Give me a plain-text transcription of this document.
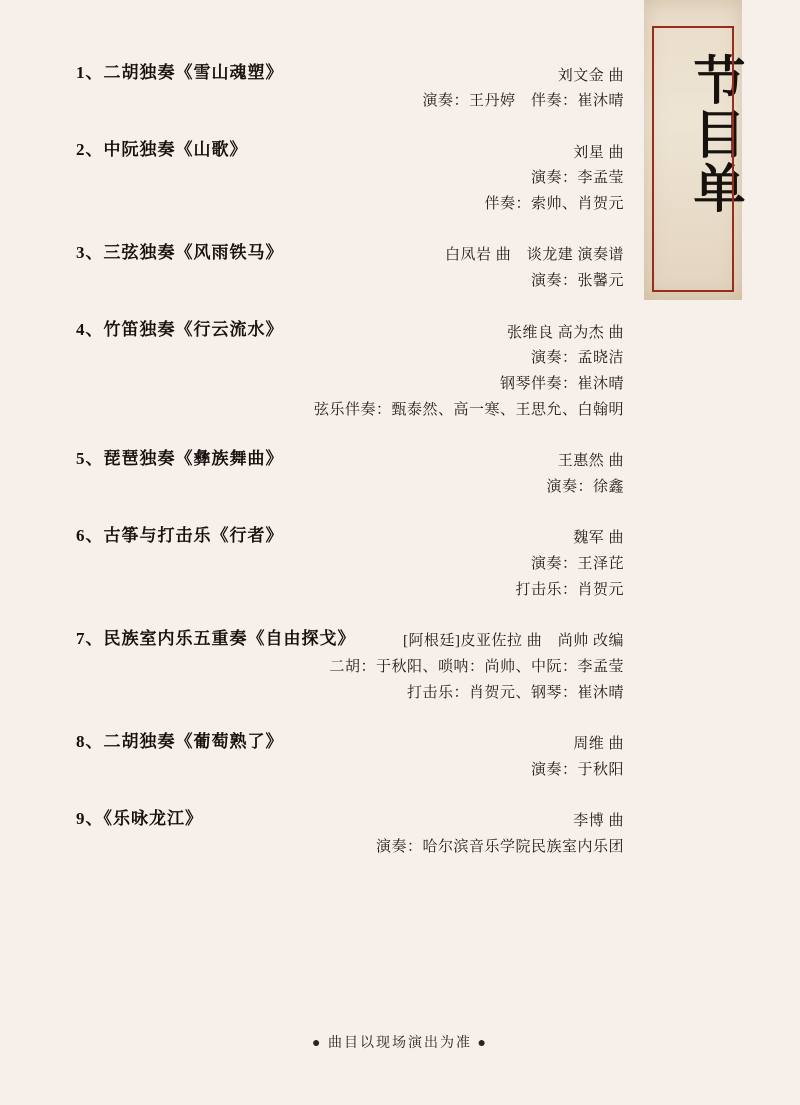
节目单
1、二胡独奏《雪山魂塑》	刘文金 曲
演奏：王丹婷　伴奏：崔沐晴
2、中阮独奏《山歌》	刘星 曲
演奏：李孟莹
伴奏：索帅、肖贺元
3、三弦独奏《风雨铁马》	白凤岩 曲　谈龙建 演奏谱
演奏：张馨元
4、竹笛独奏《行云流水》	张维良 高为杰 曲
演奏：孟晓洁
钢琴伴奏：崔沐晴
弦乐伴奏：甄泰然、高一寒、王思允、白翰明
5、琵琶独奏《彝族舞曲》	王惠然 曲
演奏：徐鑫
6、古筝与打击乐《行者》	魏军 曲
演奏：王泽芘
打击乐：肖贺元
7、民族室内乐五重奏《自由探戈》	[阿根廷]皮亚佐拉 曲　尚帅 改编
二胡：于秋阳、唢呐：尚帅、中阮：李孟莹
打击乐：肖贺元、钢琴：崔沐晴
8、二胡独奏《葡萄熟了》	周维 曲
演奏：于秋阳
9、《乐咏龙江》	李博 曲
演奏：哈尔滨音乐学院民族室内乐团
● 曲目以现场演出为准 ●
